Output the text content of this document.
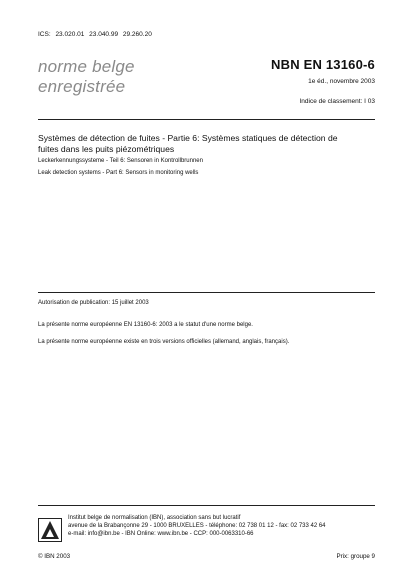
ICS: 23.020.01 23.040.99 29.260.20
norme belge
enregistrée
NBN EN 13160-6
1e éd., novembre 2003
Indice de classement: I 03
Systèmes de détection de fuites - Partie 6: Systèmes statiques de détection de fuites dans les puits piézométriques
Leckerkennungssysteme - Teil 6: Sensoren in Kontrollbrunnen
Leak detection systems - Part 6: Sensors in monitoring wells
Autorisation de publication: 15 juillet 2003
La présente norme européenne EN 13160-6: 2003 a le statut d'une norme belge.
La présente norme européenne existe en trois versions officielles (allemand, anglais, français).
Institut belge de normalisation (IBN), association sans but lucratif
avenue de la Brabançonne 29 - 1000 BRUXELLES - téléphone: 02 738 01 12 - fax: 02 733 42 64
e-mail: info@ibn.be - IBN Online: www.ibn.be - CCP: 000-0063310-66
© IBN 2003	Prix: groupe 9
